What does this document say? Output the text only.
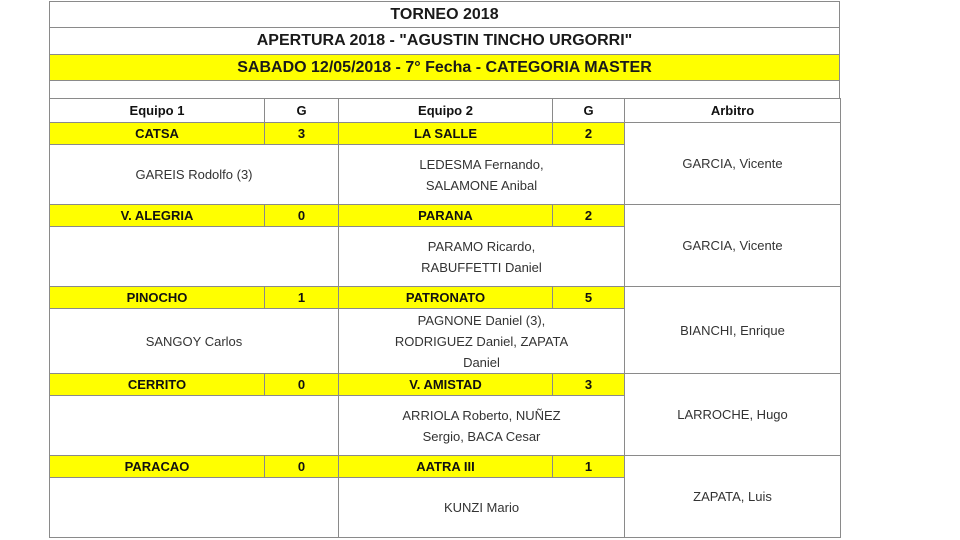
TORNEO 2018
APERTURA 2018 - "AGUSTIN TINCHO URGORRI"
SABADO 12/05/2018 - 7° Fecha - CATEGORIA MASTER
Equipo 1	G	Equipo 2	G	Arbitro
CATSA	3	LA SALLE	2	GARCIA, Vicente

GAREIS Rodolfo (3)		LEDESMA Fernando,
SALAMONE Anibal		

V. ALEGRIA	0	PARANA	2	GARCIA, Vicente

		PARAMO Ricardo,
RABUFFETTI Daniel		

PINOCHO	1	PATRONATO	5	BIANCHI, Enrique

SANGOY Carlos		PAGNONE Daniel (3),
RODRIGUEZ Daniel, ZAPATA
Daniel		

CERRITO	0	V. AMISTAD	3	LARROCHE, Hugo

		ARRIOLA Roberto, NUÑEZ
Sergio, BACA Cesar		

PARACAO	0	AATRA III	1	ZAPATA, Luis

		KUNZI Mario		
